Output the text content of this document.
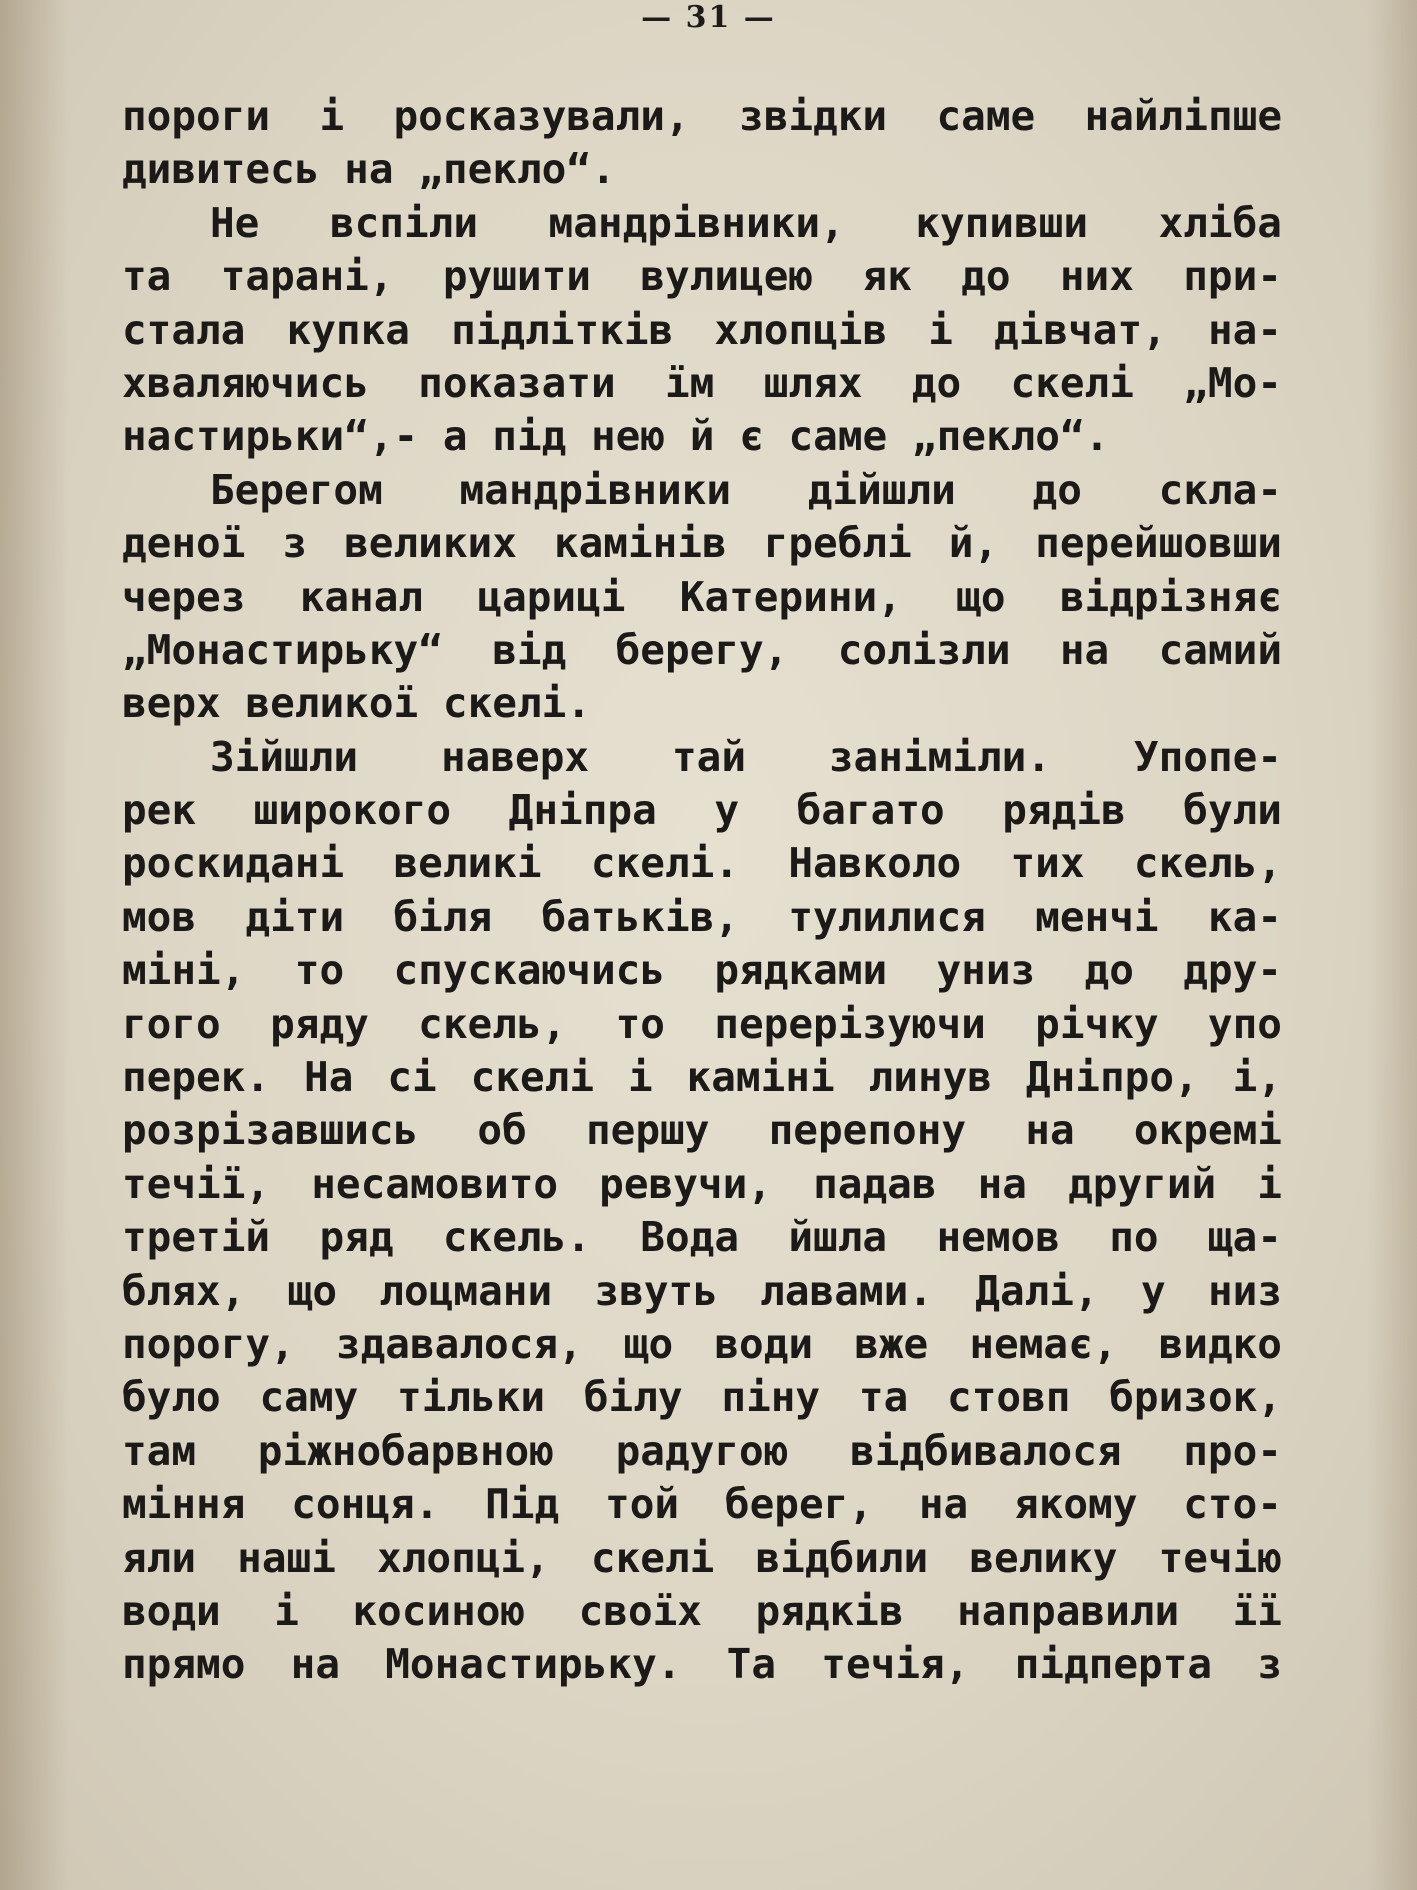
— 31 —
пороги і росказували, звідки саме найліпше
дивитесь на „пекло“.
Не вспіли мандрівники, купивши хліба
та тарані, рушити вулицею як до них при-
стала купка підлітків хлопців і дівчат, на-
хваляючись показати їм шлях до скелі „Мо-
настирьки“,- а під нею й є саме „пекло“.
Берегом мандрівники дійшли до скла-
деної з великих камінів греблі й, перейшовши
через канал цариці Катерини, що відрізняє
„Монастирьку“ від берегу, солізли на самий
верх великої скелі.
Зійшли наверх тай заніміли. Упопе-
рек широкого Дніпра у багато рядів були
роскидані великі скелі. Навколо тих скель,
мов діти біля батьків, тулилися менчі ка-
міні, то спускаючись рядками униз до дру-
гого ряду скель, то перерізуючи річку упо
перек. На сі скелі і каміні линув Дніпро, і,
розрізавшись об першу перепону на окремі
течії, несамовито ревучи, падав на другий і
третій ряд скель. Вода йшла немов по ща-
блях, що лоцмани звуть лавами. Далі, у низ
порогу, здавалося, що води вже немає, видко
було саму тільки білу піну та стовп бризок,
там ріжнобарвною радугою відбивалося про-
міння сонця. Під той берег, на якому сто-
яли наші хлопці, скелі відбили велику течію
води і косиною своїх рядків направили її
прямо на Монастирьку. Та течія, підперта з
